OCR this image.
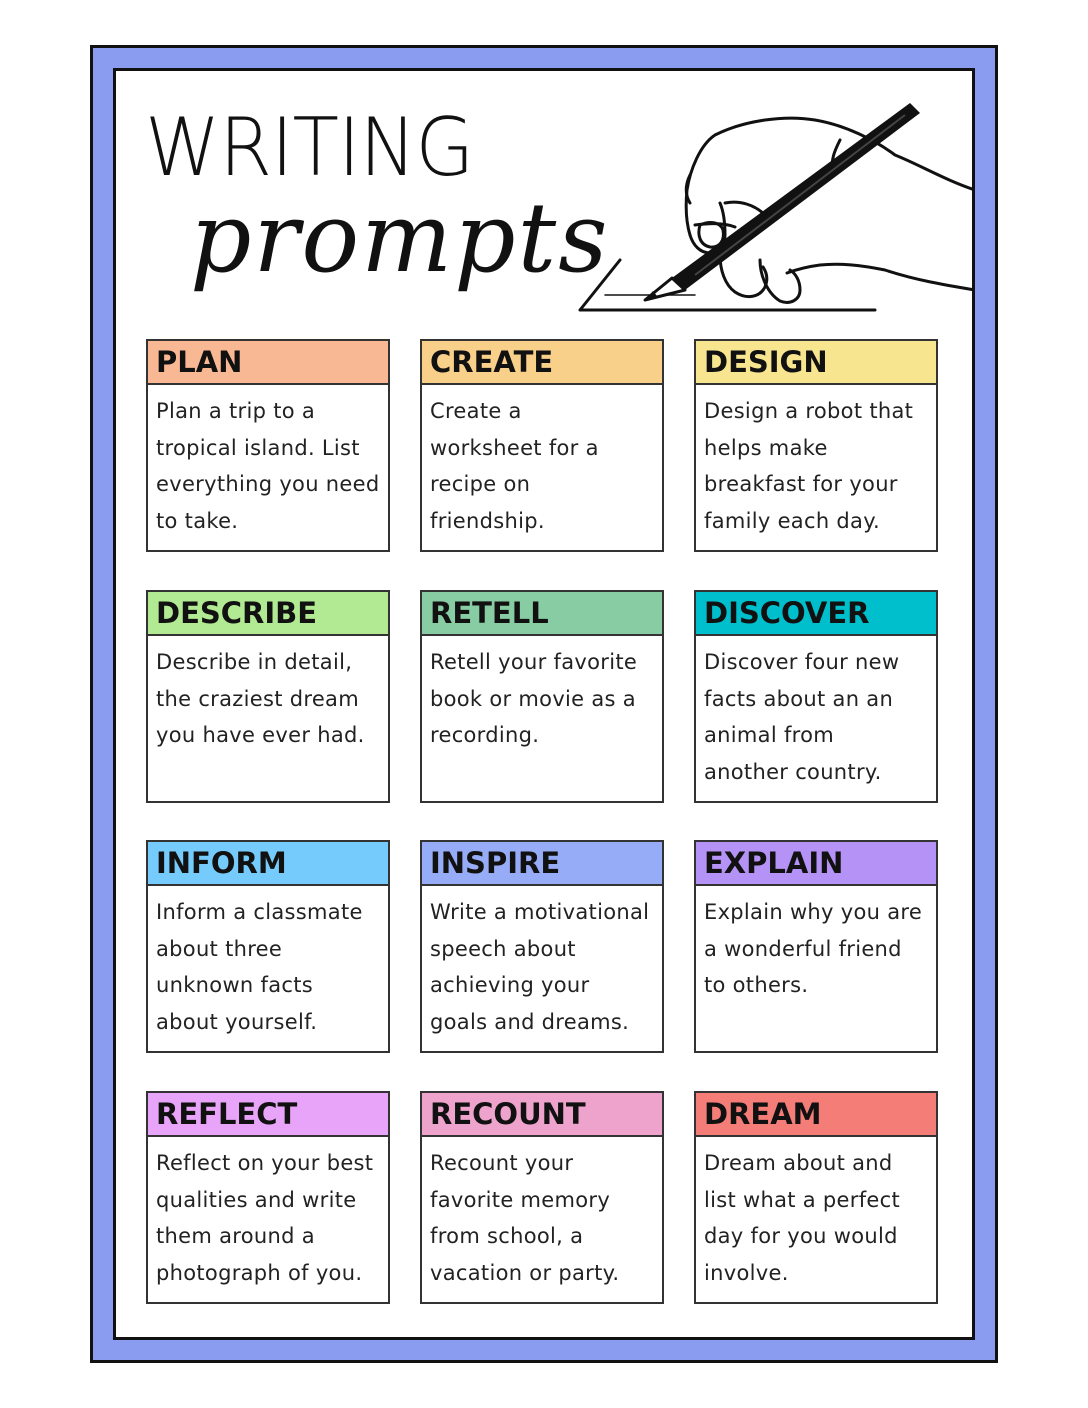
WRITING
prompts
PLAN
Plan a trip to a
tropical island. List
everything you need
to take.
CREATE
Create a
worksheet for a
recipe on
friendship.
DESIGN
Design a robot that
helps make
breakfast for your
family each day.
DESCRIBE
Describe in detail,
the craziest dream
you have ever had.
RETELL
Retell your favorite
book or movie as a
recording.
DISCOVER
Discover four new
facts about an an
animal from
another country.
INFORM
Inform a classmate
about three
unknown facts
about yourself.
INSPIRE
Write a motivational
speech about
achieving your
goals and dreams.
EXPLAIN
Explain why you are
a wonderful friend
to others.
REFLECT
Reflect on your best
qualities and write
them around a
photograph of you.
RECOUNT
Recount your
favorite memory
from school, a
vacation or party.
DREAM
Dream about and
list what a perfect
day for you would
involve.
